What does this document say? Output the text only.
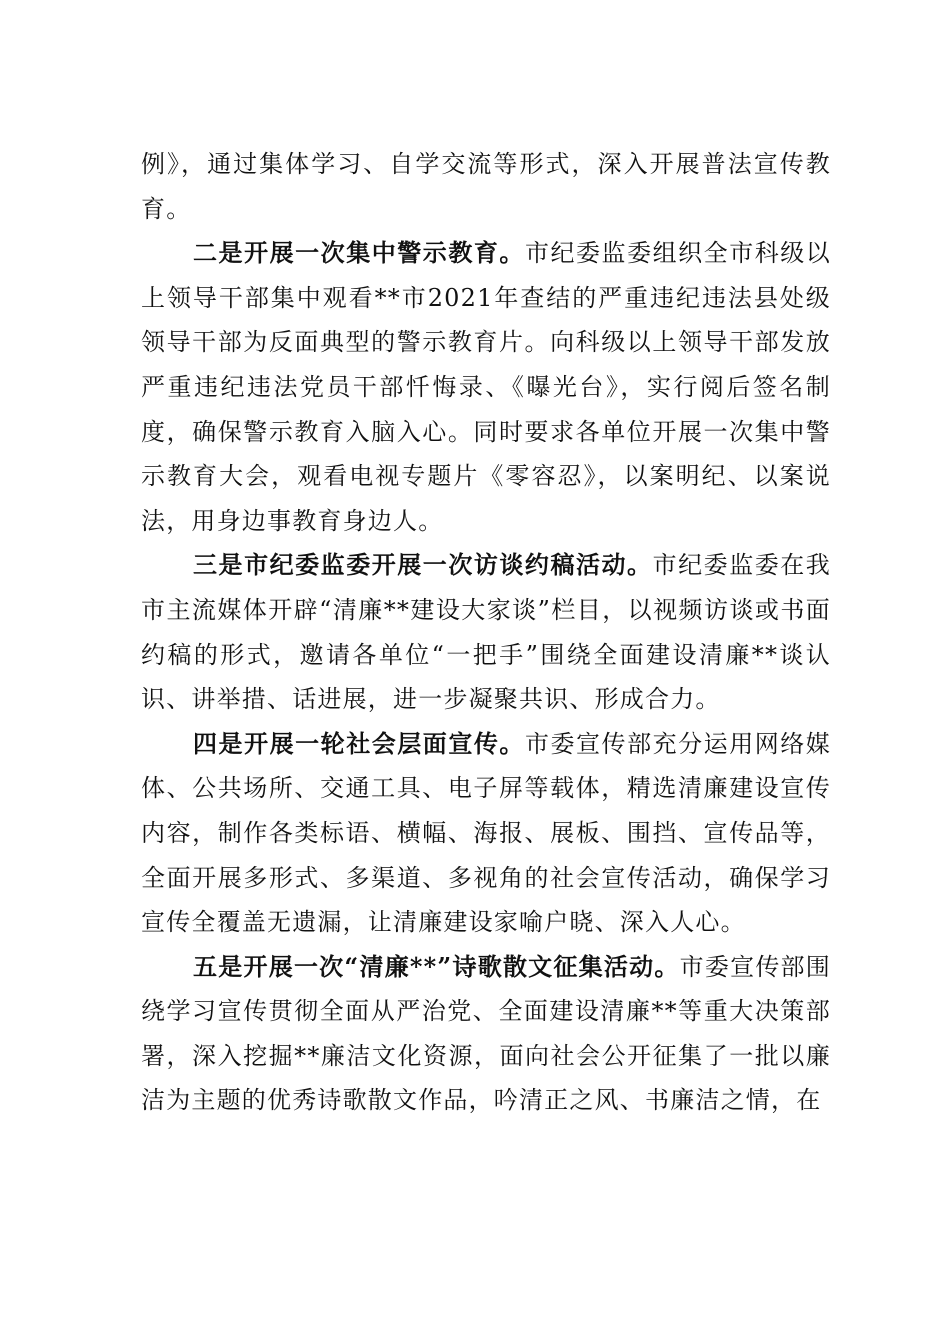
例》，通过集体学习、自学交流等形式，深入开展普法宣传教育。

二是开展一次集中警示教育。市纪委监委组织全市科级以上领导干部集中观看**市2021年查结的严重违纪违法县处级领导干部为反面典型的警示教育片。向科级以上领导干部发放严重违纪违法党员干部忏悔录、《曝光台》，实行阅后签名制度，确保警示教育入脑入心。同时要求各单位开展一次集中警示教育大会，观看电视专题片《零容忍》，以案明纪、以案说法，用身边事教育身边人。

三是市纪委监委开展一次访谈约稿活动。市纪委监委在我市主流媒体开辟“清廉**建设大家谈”栏目，以视频访谈或书面约稿的形式，邀请各单位“一把手”围绕全面建设清廉**谈认识、讲举措、话进展，进一步凝聚共识、形成合力。

四是开展一轮社会层面宣传。市委宣传部充分运用网络媒体、公共场所、交通工具、电子屏等载体，精选清廉建设宣传内容，制作各类标语、横幅、海报、展板、围挡、宣传品等，全面开展多形式、多渠道、多视角的社会宣传活动，确保学习宣传全覆盖无遗漏，让清廉建设家喻户晓、深入人心。

五是开展一次“清廉**”诗歌散文征集活动。市委宣传部围绕学习宣传贯彻全面从严治党、全面建设清廉**等重大决策部署，深入挖掘**廉洁文化资源，面向社会公开征集了一批以廉洁为主题的优秀诗歌散文作品，吟清正之风、书廉洁之情，在
